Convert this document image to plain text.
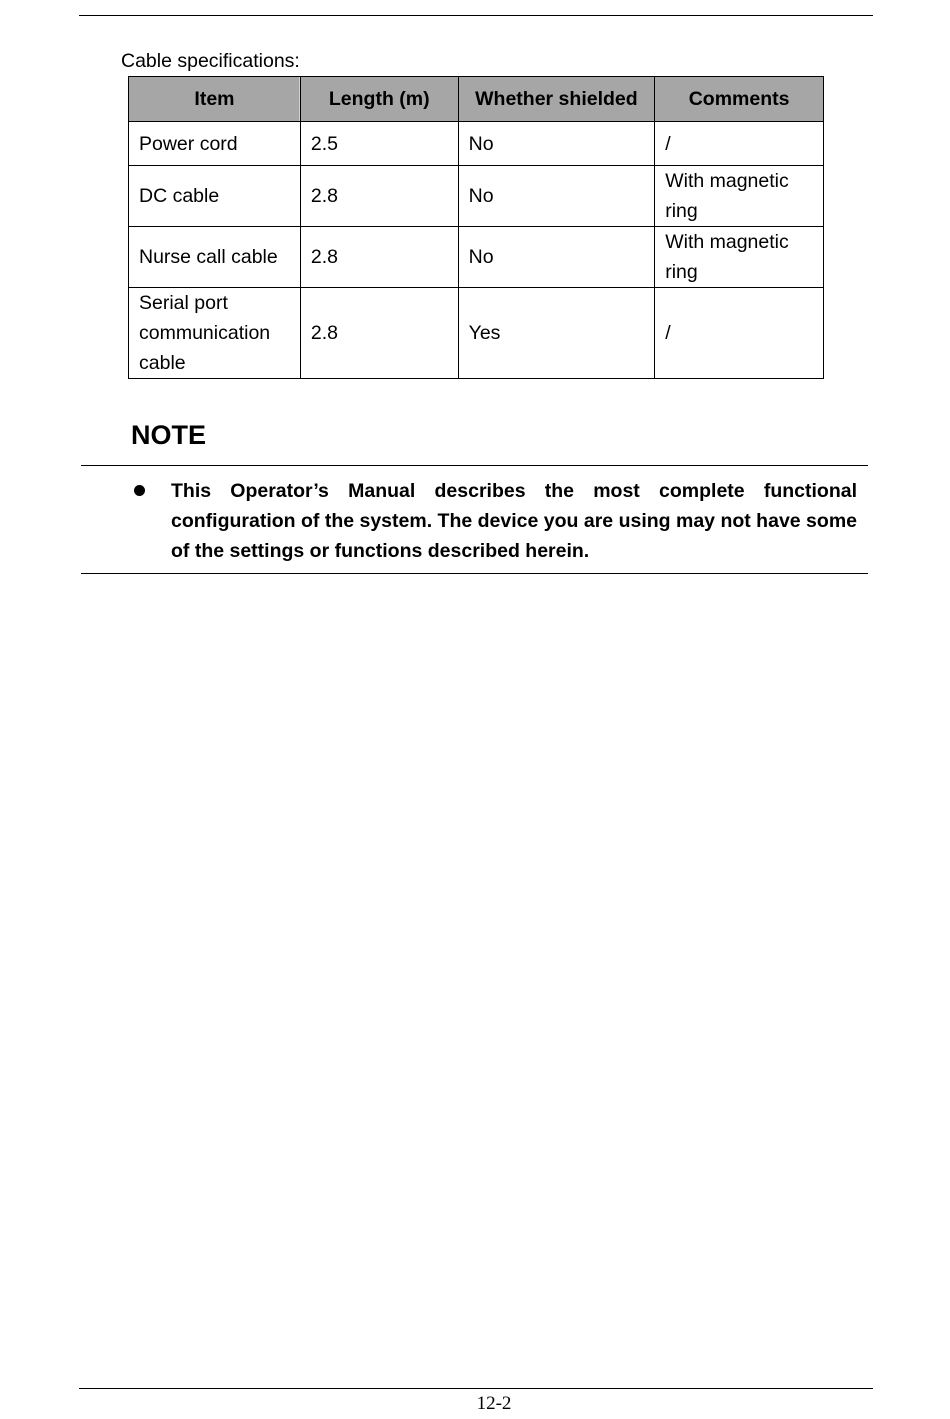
Cable specifications:
Item	Length (m)	Whether shielded	Comments
Power cord	2.5	No	/
DC cable	2.8	No	With magnetic ring
Nurse call cable	2.8	No	With magnetic ring
Serial port communication cable	2.8	Yes	/
NOTE
This Operator’s Manual describes the most complete functional configuration of the system. The device you are using may not have some of the settings or functions described herein.
12-2
